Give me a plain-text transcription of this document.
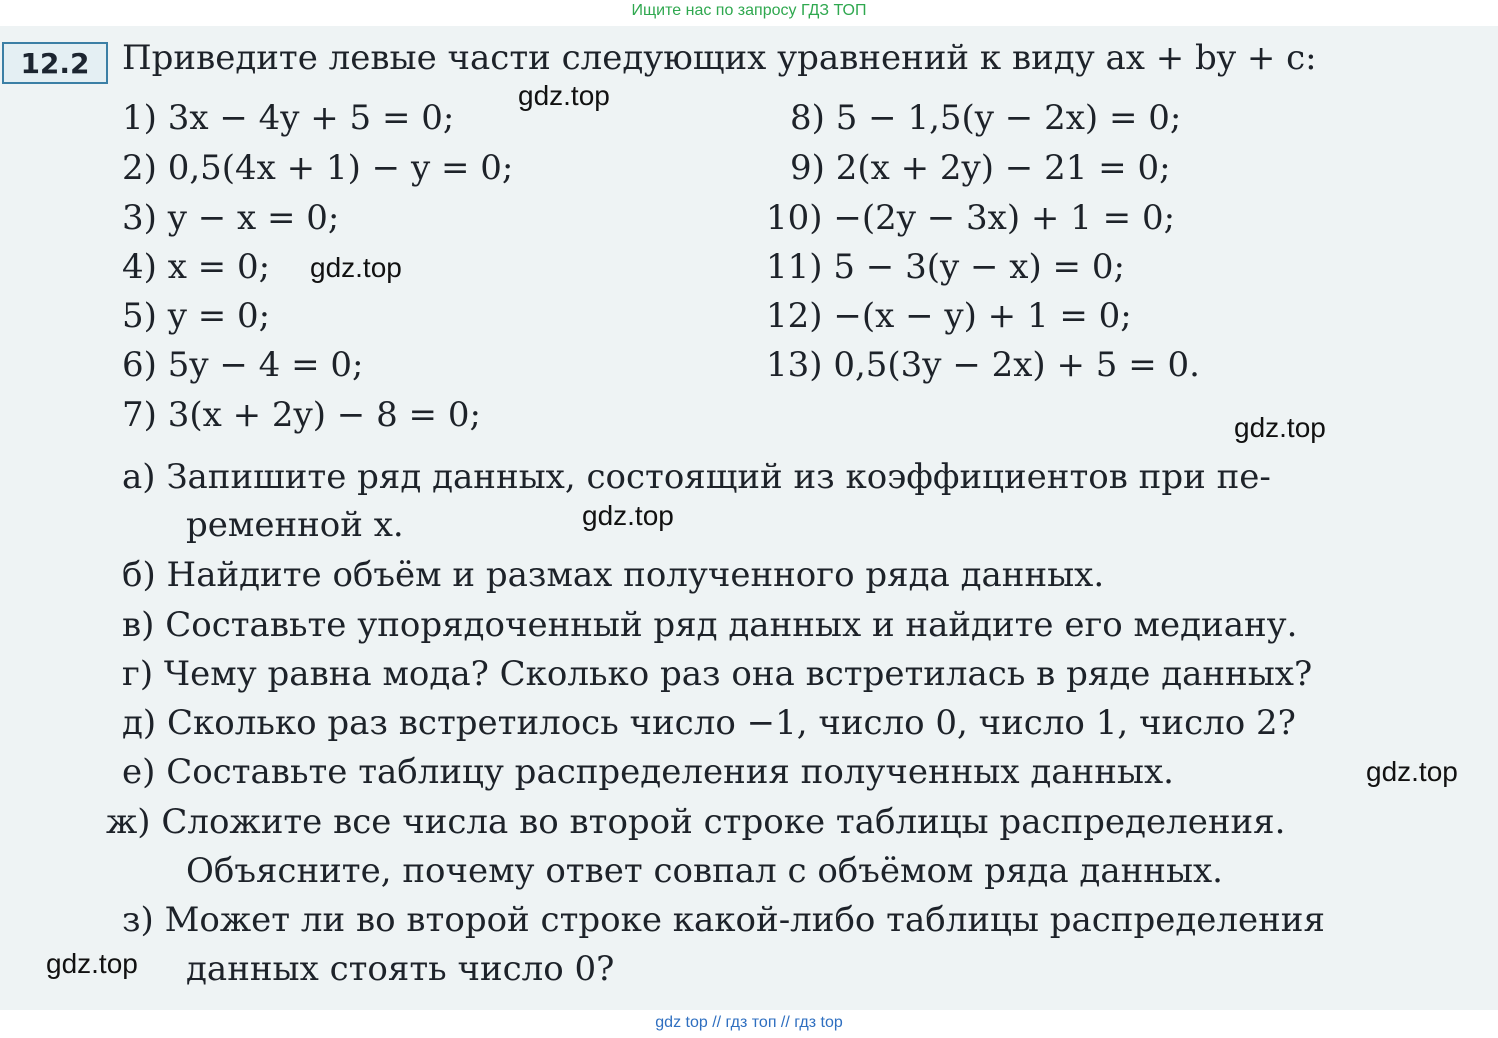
Ищите нас по запросу ГДЗ ТОП
12.2 Приведите левые части следующих уравнений к виду ax + by + c:
1) 3x − 4y + 5 = 0;
2) 0,5(4x + 1) − y = 0;
3) y − x = 0;
4) x = 0;
5) y = 0;
6) 5y − 4 = 0;
7) 3(x + 2y) − 8 = 0;
8) 5 − 1,5(y − 2x) = 0;
9) 2(x + 2y) − 21 = 0;
10) −(2y − 3x) + 1 = 0;
11) 5 − 3(y − x) = 0;
12) −(x − y) + 1 = 0;
13) 0,5(3y − 2x) + 5 = 0.
а) Запишите ряд данных, состоящий из коэффициентов при пе-
ременной x.
б) Найдите объём и размах полученного ряда данных.
в) Составьте упорядоченный ряд данных и найдите его медиану.
г) Чему равна мода? Сколько раз она встретилась в ряде данных?
д) Сколько раз встретилось число −1, число 0, число 1, число 2?
е) Составьте таблицу распределения полученных данных.
ж) Сложите все числа во второй строке таблицы распределения.
Объясните, почему ответ совпал с объёмом ряда данных.
з) Может ли во второй строке какой-либо таблицы распределения
данных стоять число 0?
gdz.top
gdz.top
gdz.top
gdz.top
gdz.top
gdz.top
gdz top // гдз топ // гдз top
